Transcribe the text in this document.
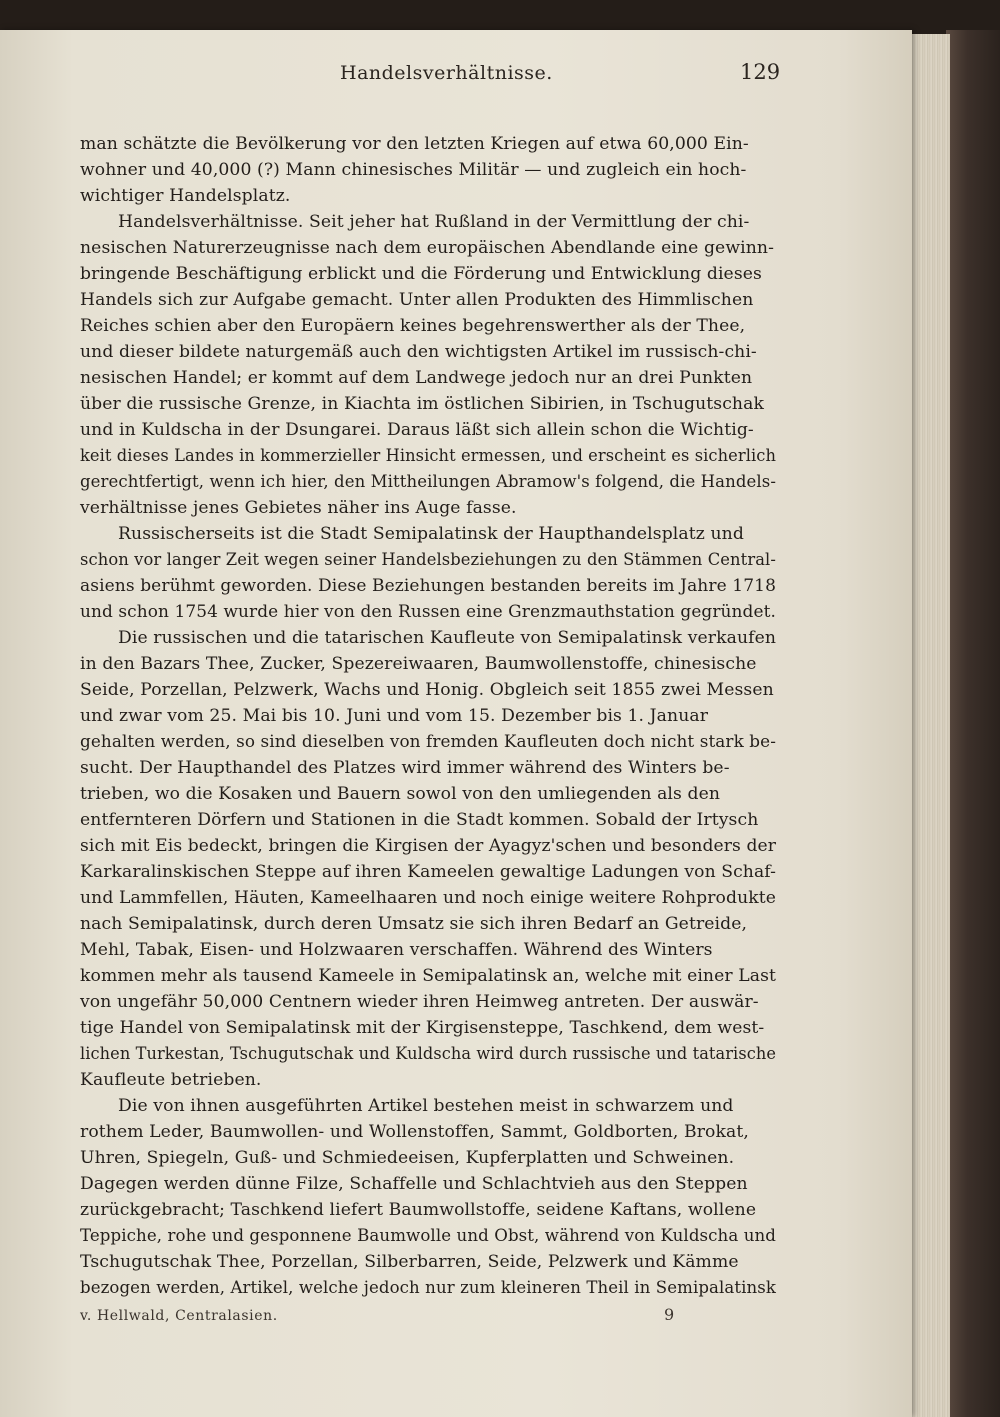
Handelsverhältnisse.	129
man schätzte die Bevölkerung vor den letzten Kriegen auf etwa 60,000 Ein-
wohner und 40,000 (?) Mann chinesisches Militär — und zugleich ein hoch-
wichtiger Handelsplatz.
Handelsverhältnisse. Seit jeher hat Rußland in der Vermittlung der chi-
nesischen Naturerzeugnisse nach dem europäischen Abendlande eine gewinn-
bringende Beschäftigung erblickt und die Förderung und Entwicklung dieses
Handels sich zur Aufgabe gemacht. Unter allen Produkten des Himmlischen
Reiches schien aber den Europäern keines begehrenswerther als der Thee,
und dieser bildete naturgemäß auch den wichtigsten Artikel im russisch-chi-
nesischen Handel; er kommt auf dem Landwege jedoch nur an drei Punkten
über die russische Grenze, in Kiachta im östlichen Sibirien, in Tschugutschak
und in Kuldscha in der Dsungarei. Daraus läßt sich allein schon die Wichtig-
keit dieses Landes in kommerzieller Hinsicht ermessen, und erscheint es sicherlich
gerechtfertigt, wenn ich hier, den Mittheilungen Abramow's folgend, die Handels-
verhältnisse jenes Gebietes näher ins Auge fasse.
Russischerseits ist die Stadt Semipalatinsk der Haupthandelsplatz und
schon vor langer Zeit wegen seiner Handelsbeziehungen zu den Stämmen Central-
asiens berühmt geworden. Diese Beziehungen bestanden bereits im Jahre 1718
und schon 1754 wurde hier von den Russen eine Grenzmauthstation gegründet.
Die russischen und die tatarischen Kaufleute von Semipalatinsk verkaufen
in den Bazars Thee, Zucker, Spezereiwaaren, Baumwollenstoffe, chinesische
Seide, Porzellan, Pelzwerk, Wachs und Honig. Obgleich seit 1855 zwei Messen
und zwar vom 25. Mai bis 10. Juni und vom 15. Dezember bis 1. Januar
gehalten werden, so sind dieselben von fremden Kaufleuten doch nicht stark be-
sucht. Der Haupthandel des Platzes wird immer während des Winters be-
trieben, wo die Kosaken und Bauern sowol von den umliegenden als den
entfernteren Dörfern und Stationen in die Stadt kommen. Sobald der Irtysch
sich mit Eis bedeckt, bringen die Kirgisen der Ayagyz'schen und besonders der
Karkaralinskischen Steppe auf ihren Kameelen gewaltige Ladungen von Schaf-
und Lammfellen, Häuten, Kameelhaaren und noch einige weitere Rohprodukte
nach Semipalatinsk, durch deren Umsatz sie sich ihren Bedarf an Getreide,
Mehl, Tabak, Eisen- und Holzwaaren verschaffen. Während des Winters
kommen mehr als tausend Kameele in Semipalatinsk an, welche mit einer Last
von ungefähr 50,000 Centnern wieder ihren Heimweg antreten. Der auswär-
tige Handel von Semipalatinsk mit der Kirgisensteppe, Taschkend, dem west-
lichen Turkestan, Tschugutschak und Kuldscha wird durch russische und tatarische
Kaufleute betrieben.
Die von ihnen ausgeführten Artikel bestehen meist in schwarzem und
rothem Leder, Baumwollen- und Wollenstoffen, Sammt, Goldborten, Brokat,
Uhren, Spiegeln, Guß- und Schmiedeeisen, Kupferplatten und Schweinen.
Dagegen werden dünne Filze, Schaffelle und Schlachtvieh aus den Steppen
zurückgebracht; Taschkend liefert Baumwollstoffe, seidene Kaftans, wollene
Teppiche, rohe und gesponnene Baumwolle und Obst, während von Kuldscha und
Tschugutschak Thee, Porzellan, Silberbarren, Seide, Pelzwerk und Kämme
bezogen werden, Artikel, welche jedoch nur zum kleineren Theil in Semipalatinsk
v. Hellwald, Centralasien.	9
